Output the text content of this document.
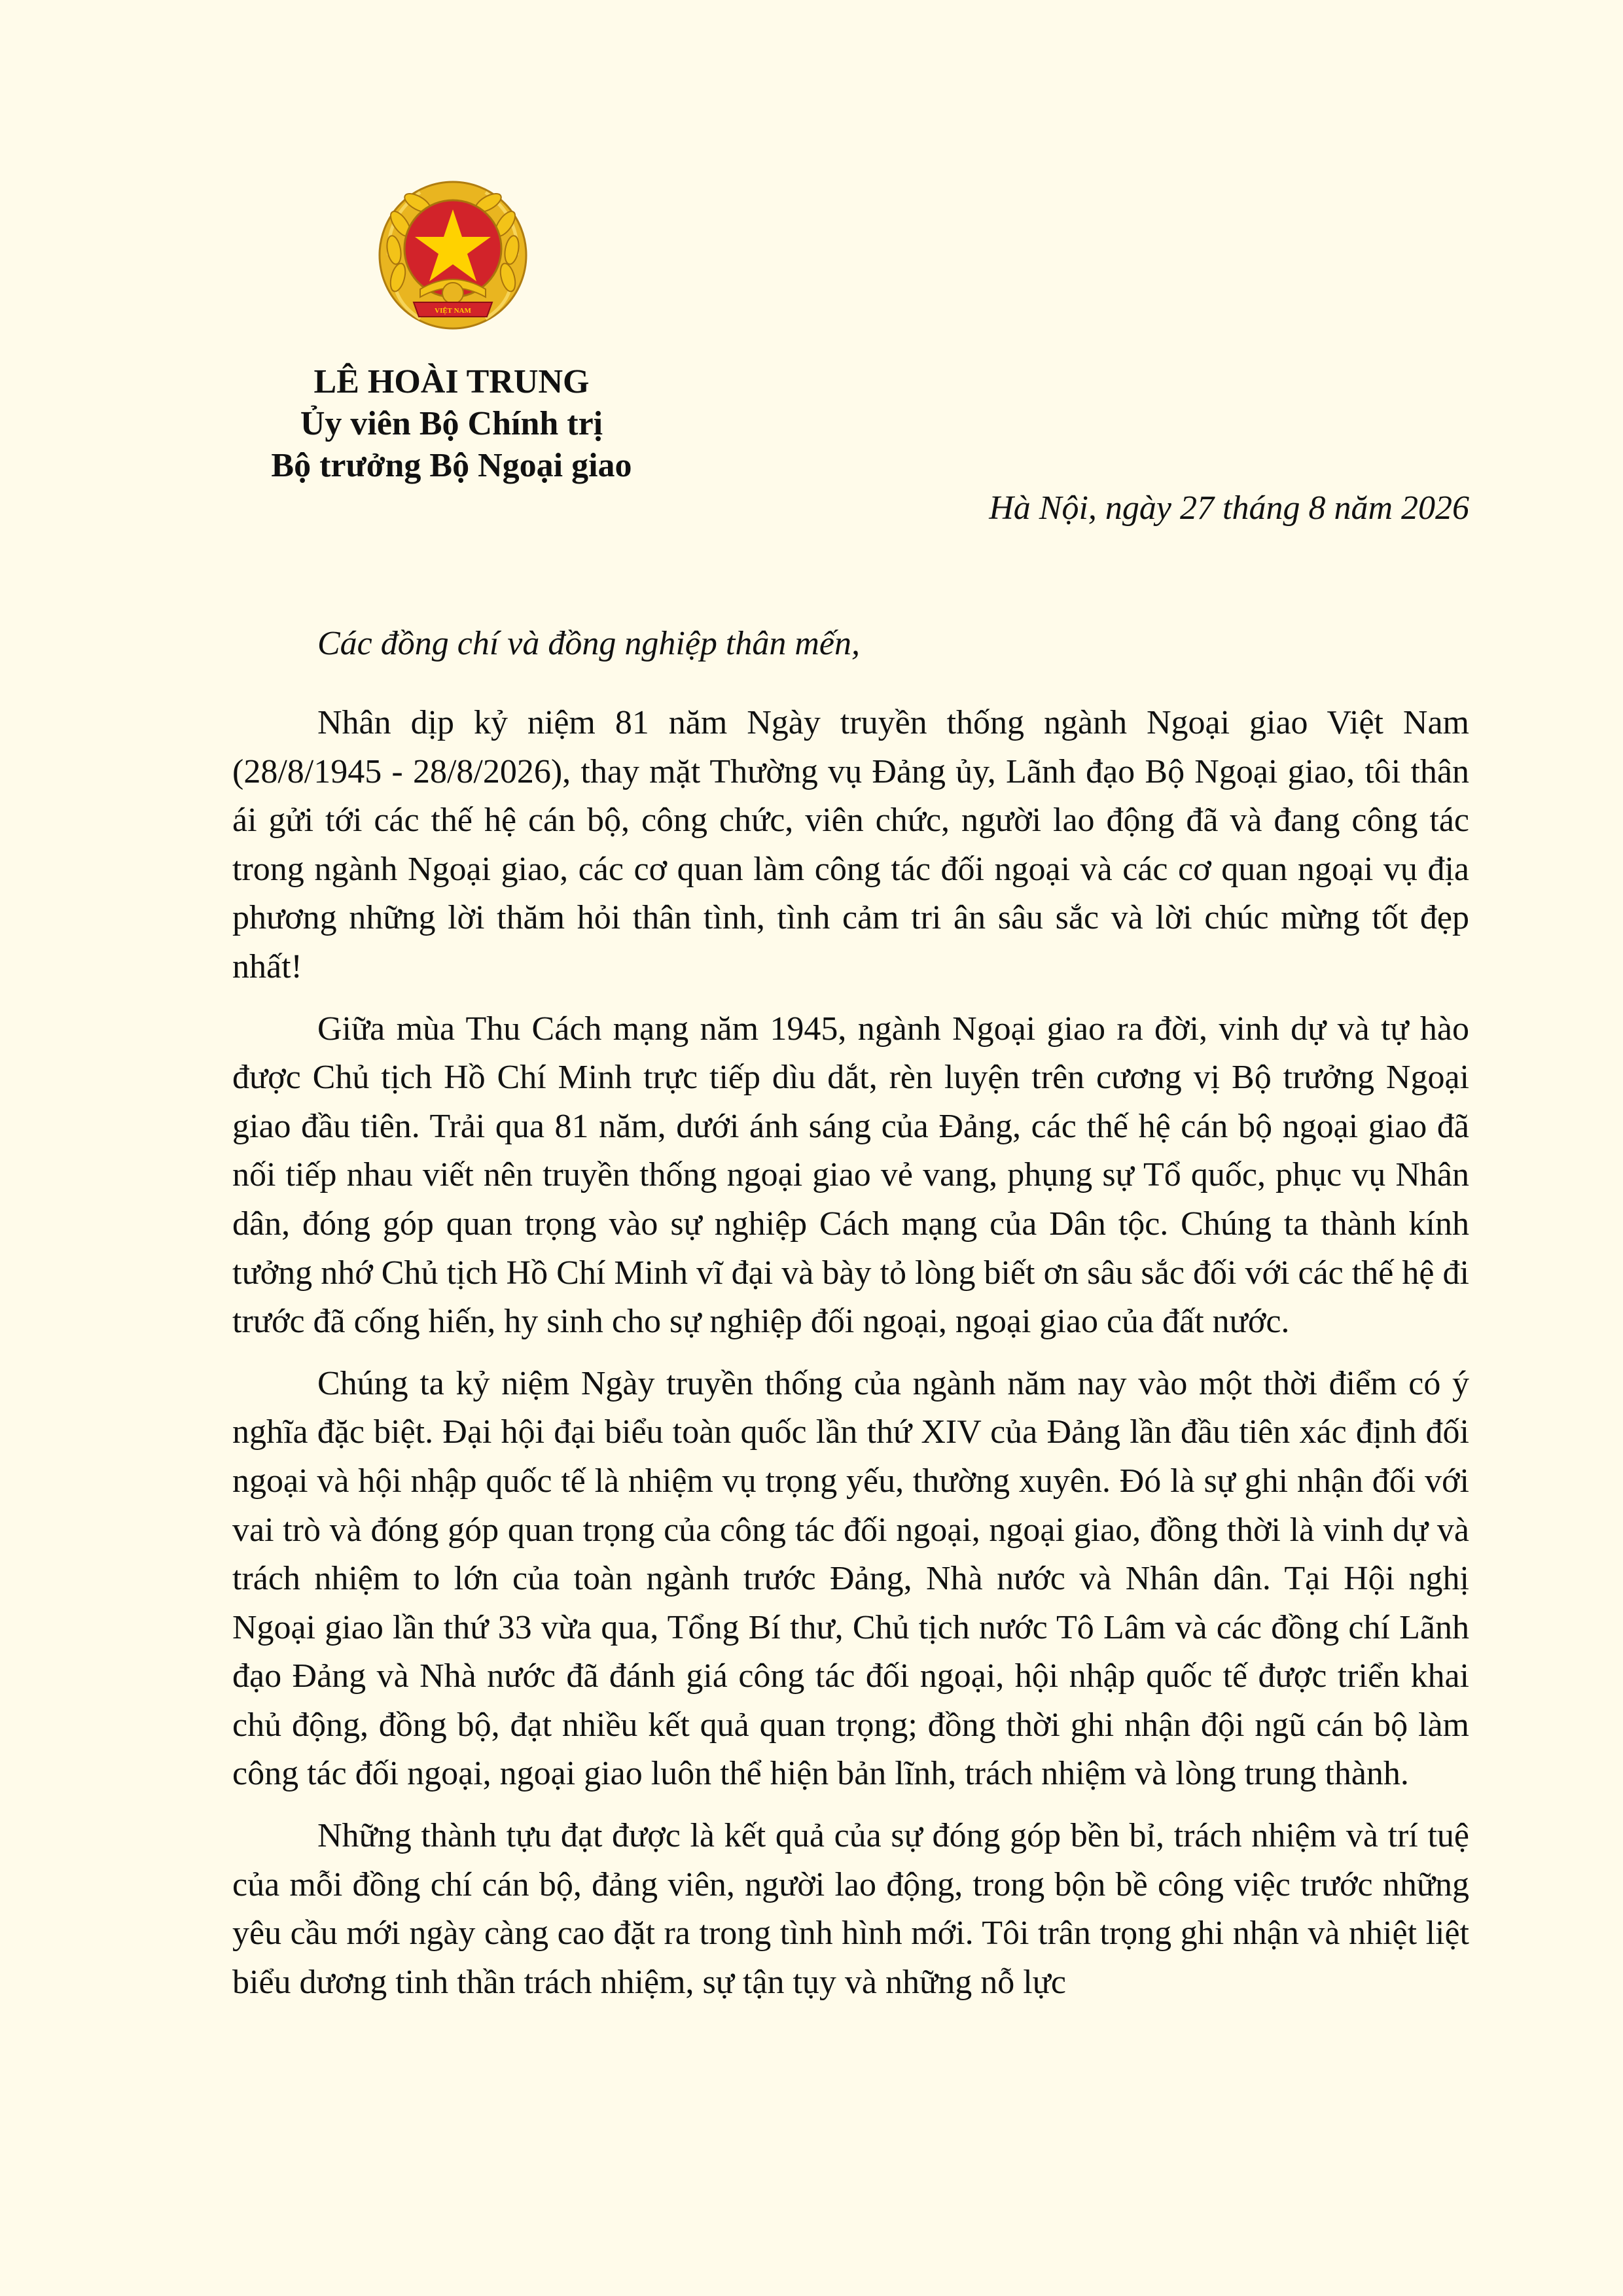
VIỆT NAM
LÊ HOÀI TRUNG
Ủy viên Bộ Chính trị
Bộ trưởng Bộ Ngoại giao
Hà Nội, ngày 27 tháng 8 năm 2026
Các đồng chí và đồng nghiệp thân mến,

Nhân dịp kỷ niệm 81 năm Ngày truyền thống ngành Ngoại giao Việt Nam (28/8/1945 - 28/8/2026), thay mặt Thường vụ Đảng ủy, Lãnh đạo Bộ Ngoại giao, tôi thân ái gửi tới các thế hệ cán bộ, công chức, viên chức, người lao động đã và đang công tác trong ngành Ngoại giao, các cơ quan làm công tác đối ngoại và các cơ quan ngoại vụ địa phương những lời thăm hỏi thân tình, tình cảm tri ân sâu sắc và lời chúc mừng tốt đẹp nhất!

Giữa mùa Thu Cách mạng năm 1945, ngành Ngoại giao ra đời, vinh dự và tự hào được Chủ tịch Hồ Chí Minh trực tiếp dìu dắt, rèn luyện trên cương vị Bộ trưởng Ngoại giao đầu tiên. Trải qua 81 năm, dưới ánh sáng của Đảng, các thế hệ cán bộ ngoại giao đã nối tiếp nhau viết nên truyền thống ngoại giao vẻ vang, phụng sự Tổ quốc, phục vụ Nhân dân, đóng góp quan trọng vào sự nghiệp Cách mạng của Dân tộc. Chúng ta thành kính tưởng nhớ Chủ tịch Hồ Chí Minh vĩ đại và bày tỏ lòng biết ơn sâu sắc đối với các thế hệ đi trước đã cống hiến, hy sinh cho sự nghiệp đối ngoại, ngoại giao của đất nước.

Chúng ta kỷ niệm Ngày truyền thống của ngành năm nay vào một thời điểm có ý nghĩa đặc biệt. Đại hội đại biểu toàn quốc lần thứ XIV của Đảng lần đầu tiên xác định đối ngoại và hội nhập quốc tế là nhiệm vụ trọng yếu, thường xuyên. Đó là sự ghi nhận đối với vai trò và đóng góp quan trọng của công tác đối ngoại, ngoại giao, đồng thời là vinh dự và trách nhiệm to lớn của toàn ngành trước Đảng, Nhà nước và Nhân dân. Tại Hội nghị Ngoại giao lần thứ 33 vừa qua, Tổng Bí thư, Chủ tịch nước Tô Lâm và các đồng chí Lãnh đạo Đảng và Nhà nước đã đánh giá công tác đối ngoại, hội nhập quốc tế được triển khai chủ động, đồng bộ, đạt nhiều kết quả quan trọng; đồng thời ghi nhận đội ngũ cán bộ làm công tác đối ngoại, ngoại giao luôn thể hiện bản lĩnh, trách nhiệm và lòng trung thành.

Những thành tựu đạt được là kết quả của sự đóng góp bền bỉ, trách nhiệm và trí tuệ của mỗi đồng chí cán bộ, đảng viên, người lao động, trong bộn bề công việc trước những yêu cầu mới ngày càng cao đặt ra trong tình hình mới. Tôi trân trọng ghi nhận và nhiệt liệt biểu dương tinh thần trách nhiệm, sự tận tụy và những nỗ lực
